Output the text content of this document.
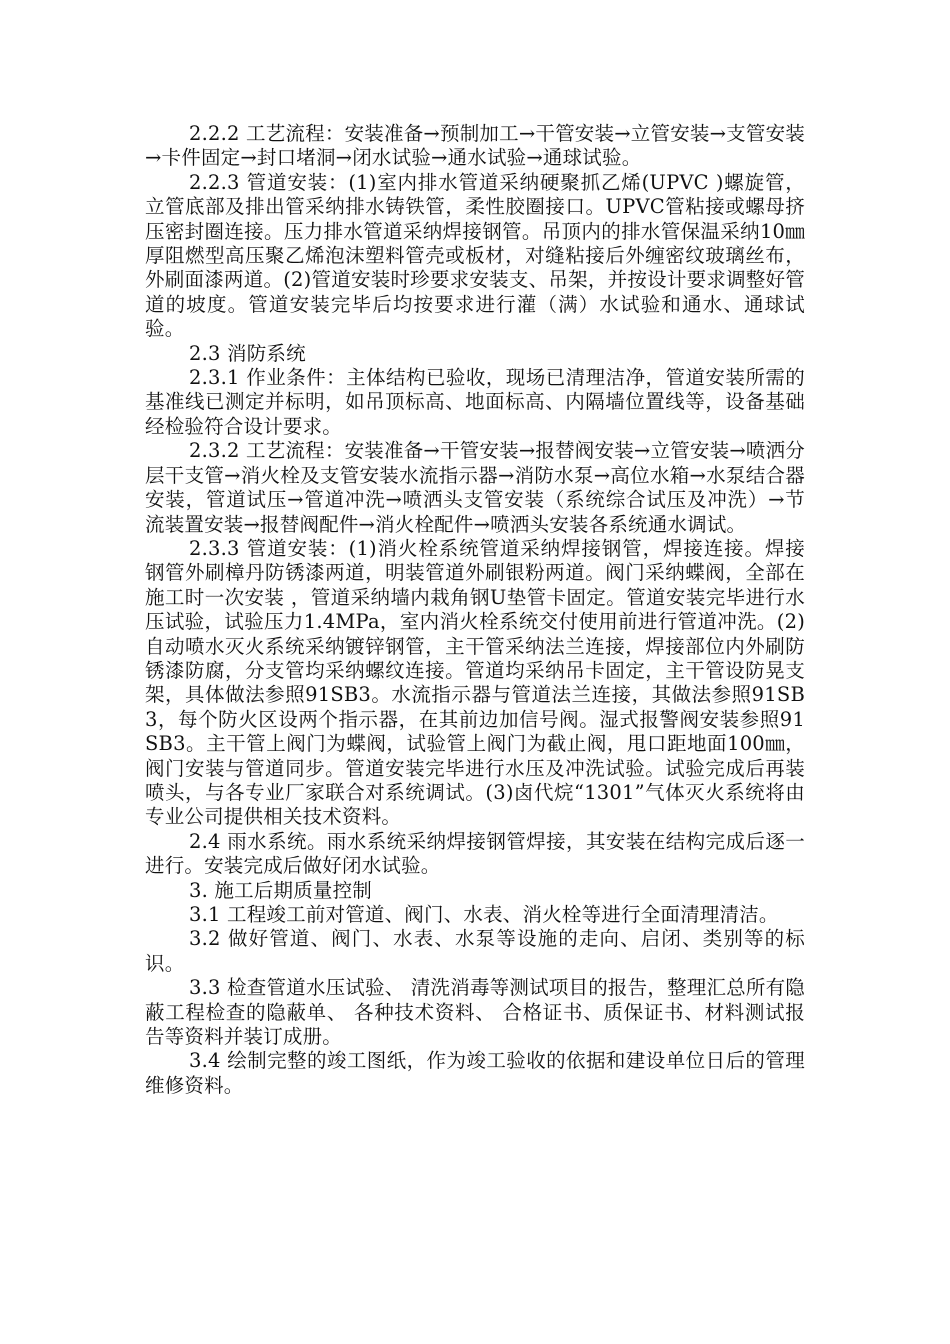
2.2.2 工艺流程：安装准备→预制加工→干管安装→立管安装→支管安装→卡件固定→封口堵洞→闭水试验→通水试验→通球试验。

2.2.3 管道安装：(1)室内排水管道采纳硬聚抓乙烯(UPVC )螺旋管，立管底部及排出管采纳排水铸铁管，柔性胶圈接口。UPVC管粘接或螺母挤压密封圈连接。压力排水管道采纳焊接钢管。吊顶内的排水管保温采纳10㎜厚阻燃型高压聚乙烯泡沫塑料管壳或板材，对缝粘接后外缠密纹玻璃丝布，外刷面漆两道。(2)管道安装时珍要求安装支、吊架，并按设计要求调整好管道的坡度。管道安装完毕后均按要求进行灌（满）水试验和通水、通球试验。

2.3 消防系统

2.3.1 作业条件：主体结构已验收，现场已清理洁净，管道安装所需的基准线已测定并标明，如吊顶标高、地面标高、内隔墙位置线等，设备基础经检验符合设计要求。

2.3.2 工艺流程：安装准备→干管安装→报替阀安装→立管安装→喷洒分层干支管→消火栓及支管安装水流指示器→消防水泵→高位水箱→水泵结合器安装，管道试压→管道冲洗→喷洒头支管安装（系统综合试压及冲洗）→节流装置安装→报替阀配件→消火栓配件→喷洒头安装各系统通水调试。

2.3.3 管道安装：(1)消火栓系统管道采纳焊接钢管，焊接连接。焊接钢管外刷樟丹防锈漆两道，明装管道外刷银粉两道。阀门采纳蝶阀，全部在施工时一次安装 ，管道采纳墙内栽角钢U垫管卡固定。管道安装完毕进行水压试验，试验压力1.4MPa，室内消火栓系统交付使用前进行管道冲洗。(2)自动喷水灭火系统采纳镀锌钢管，主干管采纳法兰连接，焊接部位内外刷防锈漆防腐，分支管均采纳螺纹连接。管道均采纳吊卡固定，主干管设防晃支架，具体做法参照91SB3。水流指示器与管道法兰连接，其做法参照91SB3，每个防火区设两个指示器，在其前边加信号阀。湿式报警阀安装参照91SB3。主干管上阀门为蝶阀，试验管上阀门为截止阀，甩口距地面100㎜，阀门安装与管道同步。管道安装完毕进行水压及冲洗试验。试验完成后再装喷头，与各专业厂家联合对系统调试。(3)卤代烷“1301”气体灭火系统将由专业公司提供相关技术资料。

2.4 雨水系统。雨水系统采纳焊接钢管焊接，其安装在结构完成后逐一进行。安装完成后做好闭水试验。

3. 施工后期质量控制

3.1 工程竣工前对管道、阀门、水表、消火栓等进行全面清理清洁。

3.2 做好管道、阀门、水表、水泵等设施的走向、启闭、类别等的标识。

3.3 检查管道水压试验、 清洗消毒等测试项目的报告，整理汇总所有隐蔽工程检查的隐蔽单、 各种技术资料、 合格证书、质保证书、材料测试报告等资料并装订成册。

3.4 绘制完整的竣工图纸，作为竣工验收的依据和建设单位日后的管理维修资料。
